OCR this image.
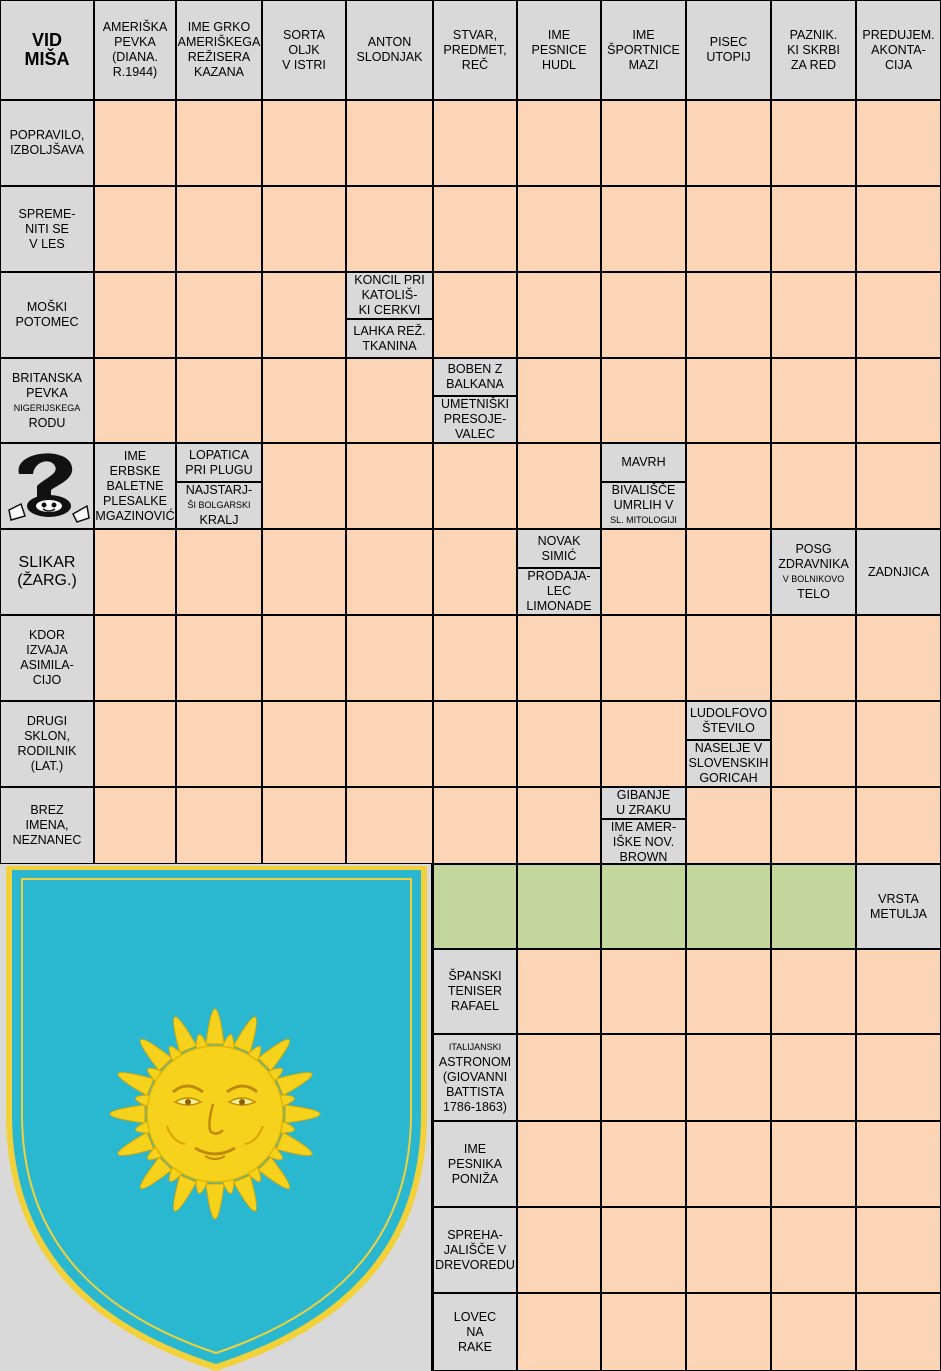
VID
MIŠA
AMERIŠKA
PEVKA
(DIANA.
R.1944)
IME GRKO
AMERIŠKEGA
REŽISERA
KAZANA
SORTA
OLJK
V ISTRI
ANTON
SLODNJAK
STVAR,
PREDMET,
REČ
IME
PESNICE
HUDL
IME
ŠPORTNICE
MAZI
PISEC
UTOPIJ
PAZNIK.
KI SKRBI
ZA RED
PREDUJEM.
AKONTA-
CIJA
POPRAVILO,
IZBOLJŠAVA
SPREME-
NITI SE
V LES
MOŠKI
POTOMEC
BRITANSKA
PEVKA
NIGERIJSKEGA
RODU
SLIKAR
(ŽARG.)
KDOR
IZVAJA
ASIMILA-
CIJO
DRUGI
SKLON,
RODILNIK
(LAT.)
BREZ
IMENA,
NEZNANEC
KONCIL PRI
KATOLIŠ-
KI CERKVI
LAHKA REŽ.
TKANINA
BOBEN Z
BALKANA
UMETNIŠKI
PRESOJE-
VALEC
IME
ERBSKE
BALETNE
PLESALKE
MGAZINOVIĆ
LOPATICA
PRI PLUGU
NAJSTARJ-
ŠI BOLGARSKI
KRALJ
MAVRH
BIVALIŠČE
UMRLIH V
SL. MITOLOGIJI
NOVAK
SIMIĆ
PRODAJA-
LEC
LIMONADE
POSG
ZDRAVNIKA
V BOLNIKOVO
TELO
ZADNJICA
LUDOLFOVO
ŠTEVILO
NASELJE V
SLOVENSKIH
GORICAH
GIBANJE
U ZRAKU
IME AMER-
IŠKE NOV.
BROWN
VRSTA
METULJA
ŠPANSKI
TENISER
RAFAEL
ITALIJANSKI
ASTRONOM
(GIOVANNI
BATTISTA
1786-1863)
IME
PESNIKA
PONIŽA
SPREHA-
JALIŠČE V
DREVOREDU
LOVEC
NA
RAKE
